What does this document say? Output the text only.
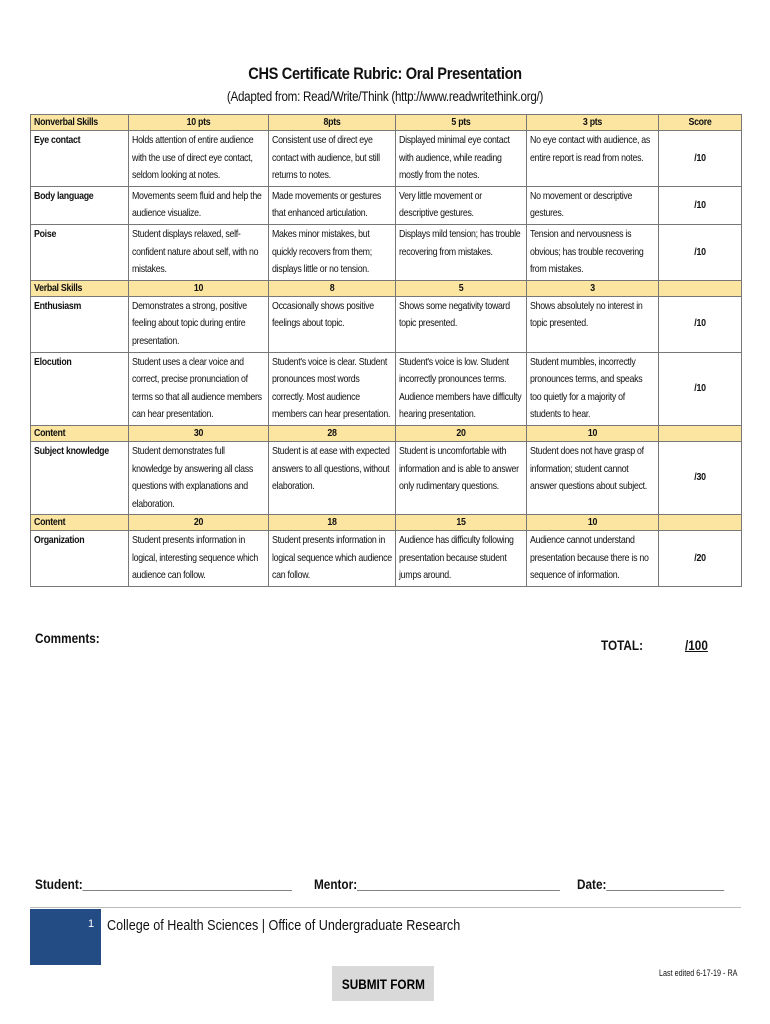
CHS Certificate Rubric: Oral Presentation
(Adapted from: Read/Write/Think (http://www.readwritethink.org/)
Nonverbal Skills	10 pts	8pts	5 pts	3 pts	Score

Eye contact	Holds attention of entire audience with the use of direct eye contact, seldom looking at notes.	Consistent use of direct eye contact with audience, but still returns to notes.	Displayed minimal eye contact with audience, while reading mostly from the notes.	No eye contact with audience, as entire report is read from notes.	/10

Body language	Movements seem fluid and help the audience visualize.	Made movements or gestures that enhanced articulation.	Very little movement or descriptive gestures.	No movement or descriptive gestures.	/10

Poise	Student displays relaxed, self-confident nature about self, with no mistakes.	Makes minor mistakes, but quickly recovers from them; displays little or no tension.	Displays mild tension; has trouble recovering from mistakes.	Tension and nervousness is obvious; has trouble recovering from mistakes.	/10

Verbal Skills	10	8	5	3	

Enthusiasm	Demonstrates a strong, positive feeling about topic during entire presentation.	Occasionally shows positive feelings about topic.	Shows some negativity toward topic presented.	Shows absolutely no interest in topic presented.	/10

Elocution	Student uses a clear voice and correct, precise pronunciation of terms so that all audience members can hear presentation.	Student's voice is clear. Student pronounces most words correctly. Most audience members can hear presentation.	Student's voice is low. Student incorrectly pronounces terms. Audience members have difficulty hearing presentation.	Student mumbles, incorrectly pronounces terms, and speaks too quietly for a majority of students to hear.	/10

Content	30	28	20	10	

Subject knowledge	Student demonstrates full knowledge by answering all class questions with explanations and elaboration.	Student is at ease with expected answers to all questions, without elaboration.	Student is uncomfortable with information and is able to answer only rudimentary questions.	Student does not have grasp of information; student cannot answer questions about subject.	/30

Content	20	18	15	10	

Organization	Student presents information in logical, interesting sequence which audience can follow.	Student presents information in logical sequence which audience can follow.	Audience has difficulty following presentation because student jumps around.	Audience cannot understand presentation because there is no sequence of information.	/20
Comments:	TOTAL:	/100
Student:________________________________ Mentor:_______________________________ Date:__________________
1 College of Health Sciences | Office of Undergraduate Research
SUBMIT FORM
Last edited 6-17-19 - RA
